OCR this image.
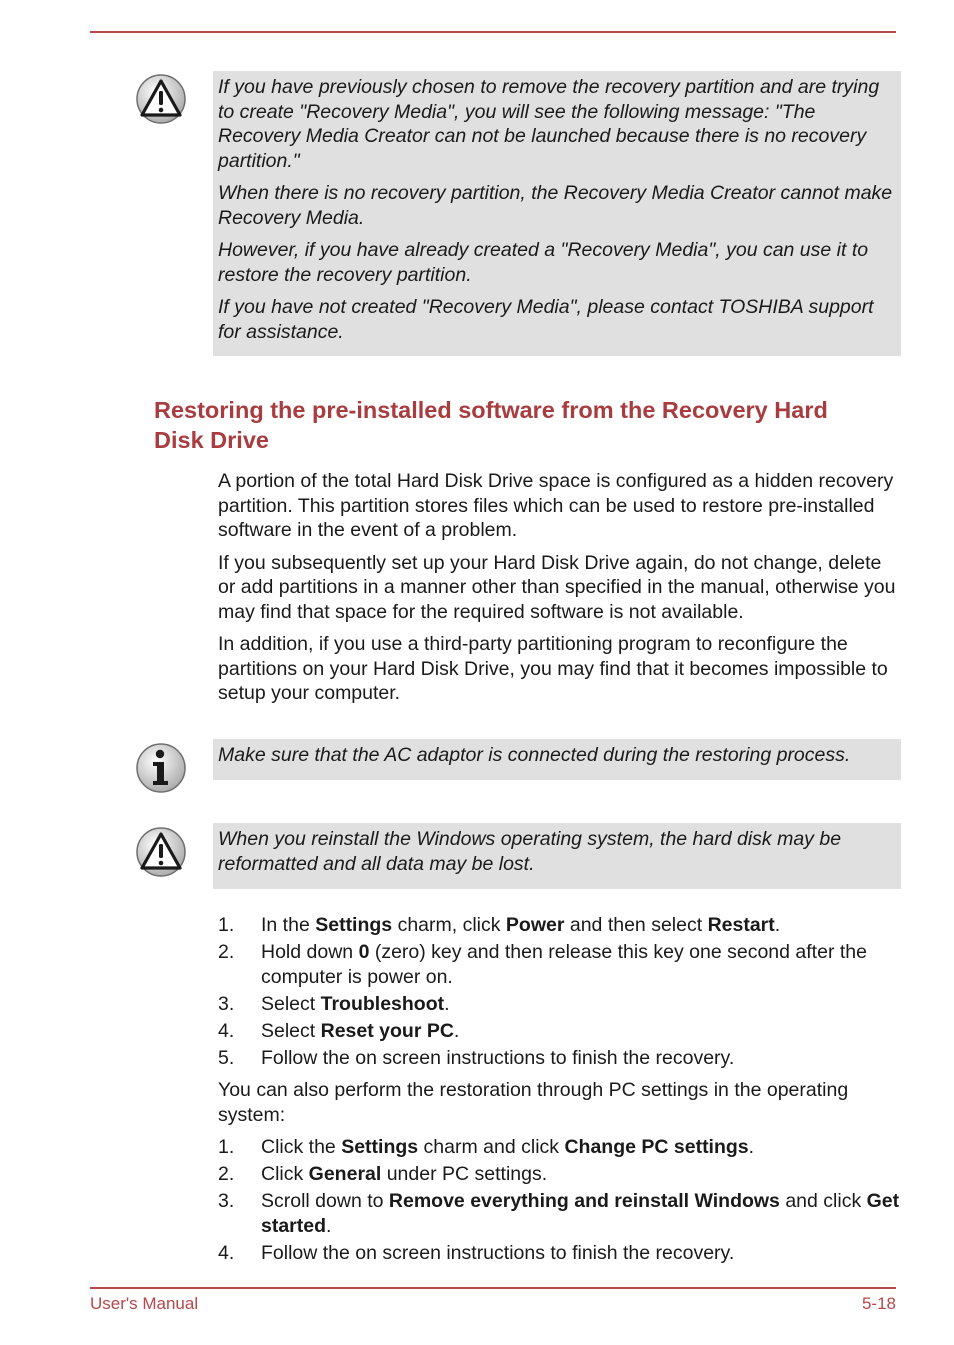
If you have previously chosen to remove the recovery partition and are trying to create "Recovery Media", you will see the following message: "The Recovery Media Creator can not be launched because there is no recovery partition."

When there is no recovery partition, the Recovery Media Creator cannot make Recovery Media.

However, if you have already created a "Recovery Media", you can use it to restore the recovery partition.

If you have not created "Recovery Media", please contact TOSHIBA support for assistance.

Restoring the pre-installed software from the Recovery Hard Disk Drive

A portion of the total Hard Disk Drive space is configured as a hidden recovery partition. This partition stores files which can be used to restore pre-installed software in the event of a problem.

If you subsequently set up your Hard Disk Drive again, do not change, delete or add partitions in a manner other than specified in the manual, otherwise you may find that space for the required software is not available.

In addition, if you use a third-party partitioning program to reconfigure the partitions on your Hard Disk Drive, you may find that it becomes impossible to setup your computer.

Make sure that the AC adaptor is connected during the restoring process.

When you reinstall the Windows operating system, the hard disk may be reformatted and all data may be lost.

1. In the Settings charm, click Power and then select Restart.
2. Hold down 0 (zero) key and then release this key one second after the computer is power on.
3. Select Troubleshoot.
4. Select Reset your PC.
5. Follow the on screen instructions to finish the recovery.

You can also perform the restoration through PC settings in the operating system:

1. Click the Settings charm and click Change PC settings.
2. Click General under PC settings.
3. Scroll down to Remove everything and reinstall Windows and click Get started.
4. Follow the on screen instructions to finish the recovery.
User's Manual	5-18
